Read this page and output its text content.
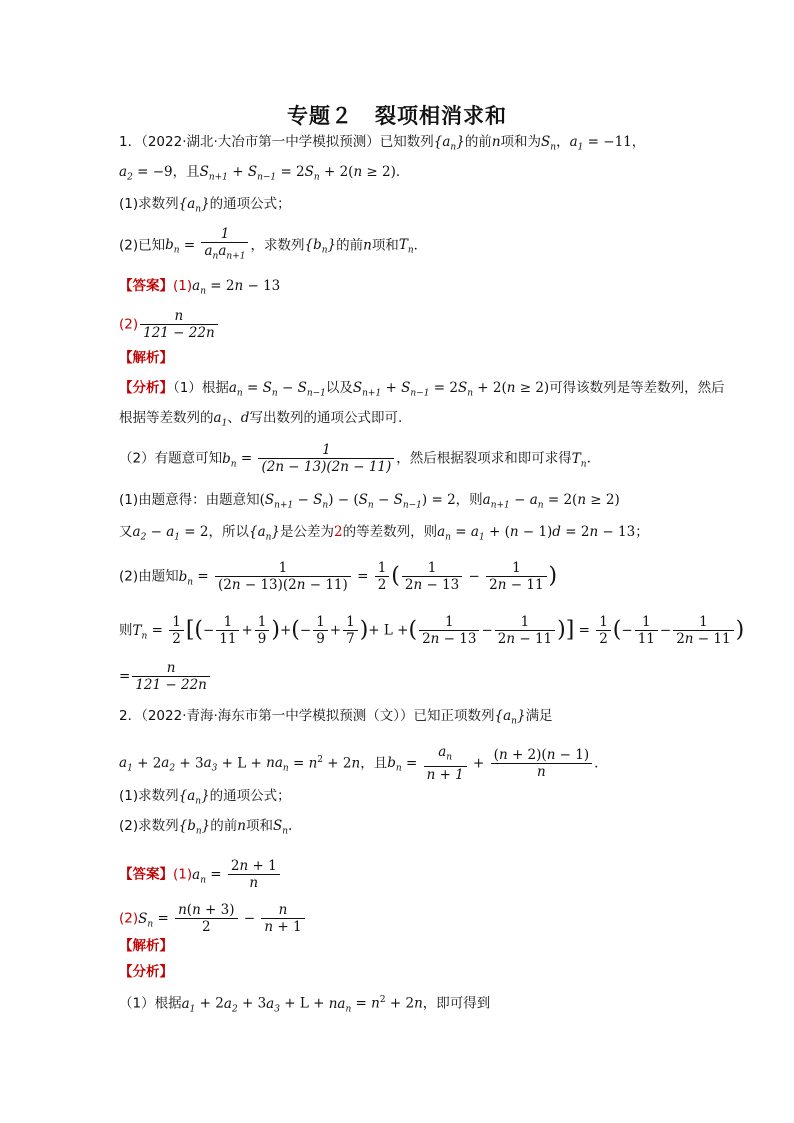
专题２　裂项相消求和
1．（2022·湖北·大冶市第一中学模拟预测）已知数列$\{a_n\}$的前n项和为$S_n$，$a_1 = -11$，
$a_2 = -9$，且$S_{n+1} + S_{n-1} = 2S_n + 2(n \ge 2)$．
(1)求数列$\{a_n\}$的通项公式；
(2)已知$b_n = \frac{1}{a_na_{n+1}}$ ，求数列$\{b_n\}$的前n项和$T_n$．
【答案】$(1)a_n = 2n - 13$
$(2) \frac{n}{121 - 22n}$
【解析】
【分析】（1）根据$a_n = S_n - S_{n-1}$以及$S_{n+1} + S_{n-1} = 2S_n + 2(n \ge 2)$可得该数列是等差数列，然后
根据等差数列的$a_1$、d写出数列的通项公式即可.
（2）有题意可知$b_n = \frac{1}{(2n - 13)(2n - 11)}$ ，然后根据裂项求和即可求得$T_n$.
(1)由题意得：由题意知$(S_{n+1} - S_n) - (S_n - S_{n-1}) = 2$，则$a_{n+1} - a_n = 2(n \ge 2)$
又$a_2 - a_1 = 2$，所以$\{a_n\}$是公差为2的等差数列，则$a_n = a_1 + (n - 1)d = 2n - 13$；
(2)由题知$b_n = \frac{1}{(2n - 13)(2n - 11)} = \frac{1}{2}$ ( $\frac{1}{2n - 13} - \frac{1}{2n - 11}$ )
则$T_n = \frac{1}{2}$ [(− $\frac{1}{11} + \frac{1}{9}$ )+(− $\frac{1}{9} + \frac{1}{7}$ )+ L +( $\frac{1}{2n - 13} - \frac{1}{2n - 11}$ )] = $\frac{1}{2}$ (− $\frac{1}{11} - \frac{1}{2n - 11}$ )
= $\frac{n}{121 - 22n}$
2．（2022·青海·海东市第一中学模拟预测（文））已知正项数列$\{a_n\}$满足
$a_1 + 2a_2 + 3a_3 + L + na_n = n^2 + 2n$，且$b_n = \frac{a_n}{n + 1} + \frac{(n + 2)(n - 1)}{n}$ .
(1)求数列$\{a_n\}$的通项公式；
(2)求数列$\{b_n\}$的前n项和$S_n$.
【答案】$(1)a_n = \frac{2n + 1}{n}$
$(2)S_n = \frac{n(n + 3)}{2} - \frac{n}{n + 1}$
【解析】
【分析】
（1）根据$a_1 + 2a_2 + 3a_3 + L + na_n = n^2 + 2n$，即可得到
